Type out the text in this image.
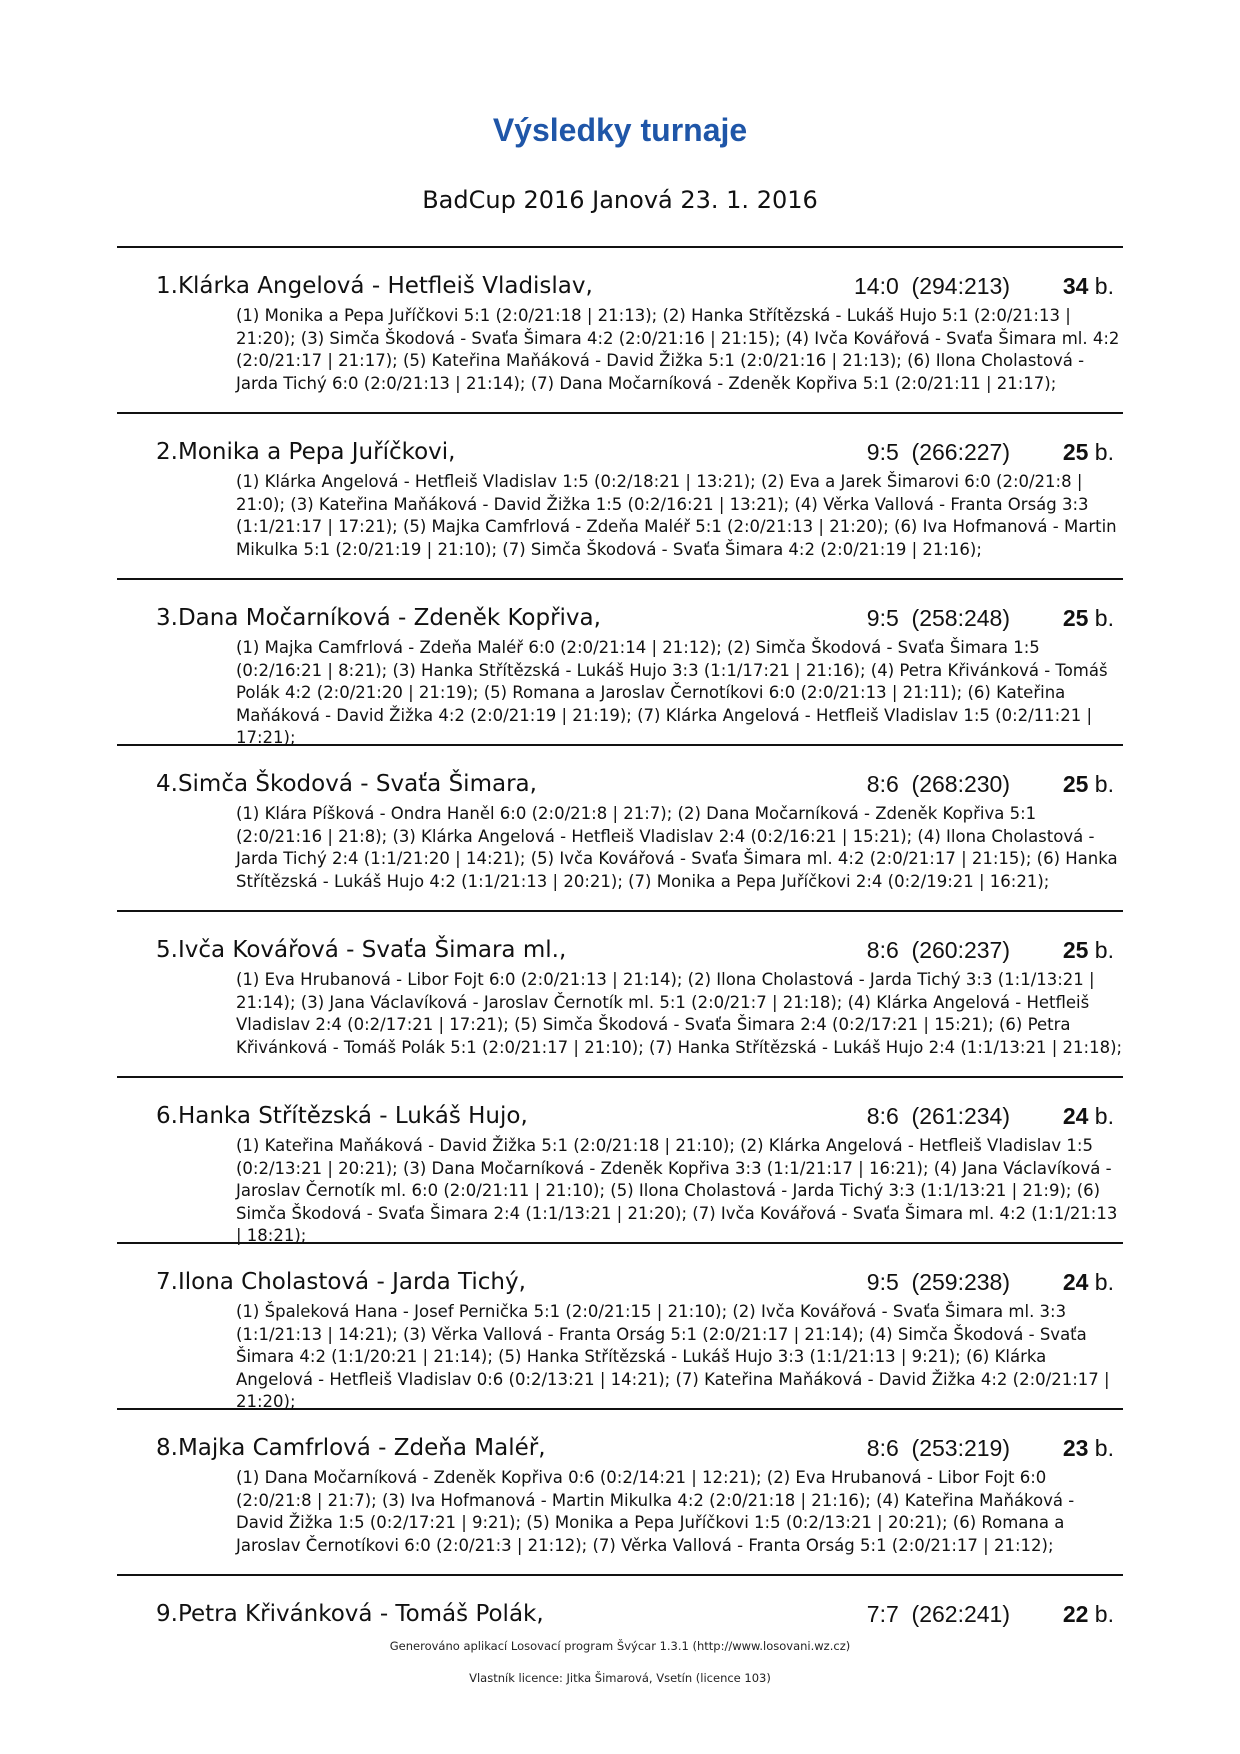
Výsledky turnaje
BadCup 2016 Janová 23. 1. 2016
1.Klárka Angelová - Hetfleiš Vladislav,	14:0  (294:213) 34 b.
(1) Monika a Pepa Juříčkovi 5:1 (2:0/21:18 | 21:13); (2) Hanka Střítězská - Lukáš Hujo 5:1 (2:0/21:13 | 21:20); (3) Simča Škodová - Svaťa Šimara 4:2 (2:0/21:16 | 21:15); (4) Ivča Kovářová - Svaťa Šimara ml. 4:2 (2:0/21:17 | 21:17); (5) Kateřina Maňáková - David Žižka 5:1 (2:0/21:16 | 21:13); (6) Ilona Cholastová - Jarda Tichý 6:0 (2:0/21:13 | 21:14); (7) Dana Močarníková - Zdeněk Kopřiva 5:1 (2:0/21:11 | 21:17);
2.Monika a Pepa Juříčkovi,	9:5  (266:227) 25 b.
(1) Klárka Angelová - Hetfleiš Vladislav 1:5 (0:2/18:21 | 13:21); (2) Eva a Jarek Šimarovi 6:0 (2:0/21:8 | 21:0); (3) Kateřina Maňáková - David Žižka 1:5 (0:2/16:21 | 13:21); (4) Věrka Vallová - Franta Orság 3:3 (1:1/21:17 | 17:21); (5) Majka Camfrlová - Zdeňa Maléř 5:1 (2:0/21:13 | 21:20); (6) Iva Hofmanová - Martin Mikulka 5:1 (2:0/21:19 | 21:10); (7) Simča Škodová - Svaťa Šimara 4:2 (2:0/21:19 | 21:16);
3.Dana Močarníková - Zdeněk Kopřiva,	9:5  (258:248) 25 b.
(1) Majka Camfrlová - Zdeňa Maléř 6:0 (2:0/21:14 | 21:12); (2) Simča Škodová - Svaťa Šimara 1:5 (0:2/16:21 | 8:21); (3) Hanka Střítězská - Lukáš Hujo 3:3 (1:1/17:21 | 21:16); (4) Petra Křivánková - Tomáš Polák 4:2 (2:0/21:20 | 21:19); (5) Romana a Jaroslav Černotíkovi 6:0 (2:0/21:13 | 21:11); (6) Kateřina Maňáková - David Žižka 4:2 (2:0/21:19 | 21:19); (7) Klárka Angelová - Hetfleiš Vladislav 1:5 (0:2/11:21 | 17:21);
4.Simča Škodová - Svaťa Šimara,	8:6  (268:230) 25 b.
(1) Klára Píšková - Ondra Haněl 6:0 (2:0/21:8 | 21:7); (2) Dana Močarníková - Zdeněk Kopřiva 5:1 (2:0/21:16 | 21:8); (3) Klárka Angelová - Hetfleiš Vladislav 2:4 (0:2/16:21 | 15:21); (4) Ilona Cholastová - Jarda Tichý 2:4 (1:1/21:20 | 14:21); (5) Ivča Kovářová - Svaťa Šimara ml. 4:2 (2:0/21:17 | 21:15); (6) Hanka Střítězská - Lukáš Hujo 4:2 (1:1/21:13 | 20:21); (7) Monika a Pepa Juříčkovi 2:4 (0:2/19:21 | 16:21);
5.Ivča Kovářová - Svaťa Šimara ml.,	8:6  (260:237) 25 b.
(1) Eva Hrubanová - Libor Fojt 6:0 (2:0/21:13 | 21:14); (2) Ilona Cholastová - Jarda Tichý 3:3 (1:1/13:21 | 21:14); (3) Jana Václavíková - Jaroslav Černotík ml. 5:1 (2:0/21:7 | 21:18); (4) Klárka Angelová - Hetfleiš Vladislav 2:4 (0:2/17:21 | 17:21); (5) Simča Škodová - Svaťa Šimara 2:4 (0:2/17:21 | 15:21); (6) Petra Křivánková - Tomáš Polák 5:1 (2:0/21:17 | 21:10); (7) Hanka Střítězská - Lukáš Hujo 2:4 (1:1/13:21 | 21:18);
6.Hanka Střítězská - Lukáš Hujo,	8:6  (261:234) 24 b.
(1) Kateřina Maňáková - David Žižka 5:1 (2:0/21:18 | 21:10); (2) Klárka Angelová - Hetfleiš Vladislav 1:5 (0:2/13:21 | 20:21); (3) Dana Močarníková - Zdeněk Kopřiva 3:3 (1:1/21:17 | 16:21); (4) Jana Václavíková - Jaroslav Černotík ml. 6:0 (2:0/21:11 | 21:10); (5) Ilona Cholastová - Jarda Tichý 3:3 (1:1/13:21 | 21:9); (6) Simča Škodová - Svaťa Šimara 2:4 (1:1/13:21 | 21:20); (7) Ivča Kovářová - Svaťa Šimara ml. 4:2 (1:1/21:13 | 18:21);
7.Ilona Cholastová - Jarda Tichý,	9:5  (259:238) 24 b.
(1) Špaleková Hana - Josef Pernička 5:1 (2:0/21:15 | 21:10); (2) Ivča Kovářová - Svaťa Šimara ml. 3:3 (1:1/21:13 | 14:21); (3) Věrka Vallová - Franta Orság 5:1 (2:0/21:17 | 21:14); (4) Simča Škodová - Svaťa Šimara 4:2 (1:1/20:21 | 21:14); (5) Hanka Střítězská - Lukáš Hujo 3:3 (1:1/21:13 | 9:21); (6) Klárka Angelová - Hetfleiš Vladislav 0:6 (0:2/13:21 | 14:21); (7) Kateřina Maňáková - David Žižka 4:2 (2:0/21:17 | 21:20);
8.Majka Camfrlová - Zdeňa Maléř,	8:6  (253:219) 23 b.
(1) Dana Močarníková - Zdeněk Kopřiva 0:6 (0:2/14:21 | 12:21); (2) Eva Hrubanová - Libor Fojt 6:0 (2:0/21:8 | 21:7); (3) Iva Hofmanová - Martin Mikulka 4:2 (2:0/21:18 | 21:16); (4) Kateřina Maňáková - David Žižka 1:5 (0:2/17:21 | 9:21); (5) Monika a Pepa Juříčkovi 1:5 (0:2/13:21 | 20:21); (6) Romana a Jaroslav Černotíkovi 6:0 (2:0/21:3 | 21:12); (7) Věrka Vallová - Franta Orság 5:1 (2:0/21:17 | 21:12);
9.Petra Křivánková - Tomáš Polák,	7:7  (262:241) 22 b.
Generováno aplikací Losovací program Švýcar 1.3.1 (http://www.losovani.wz.cz)
Vlastník licence: Jitka Šimarová, Vsetín (licence 103)
